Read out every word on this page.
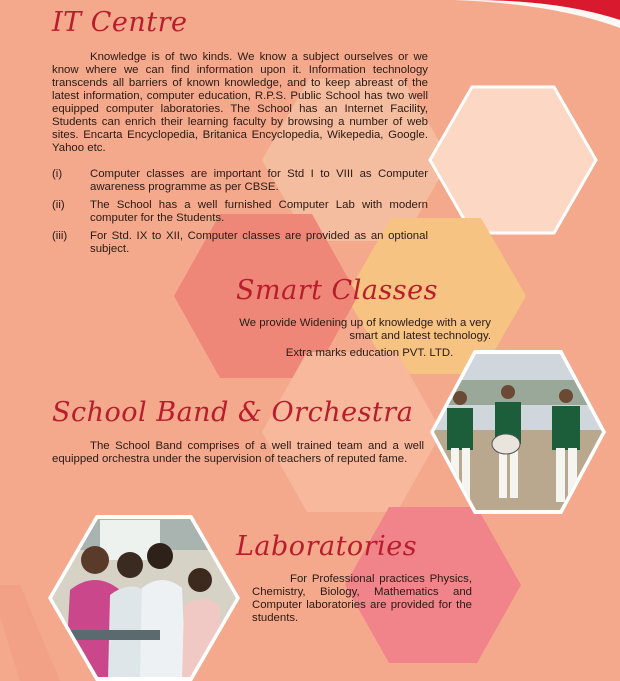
IT Centre

Knowledge is of two kinds. We know a subject ourselves or we know where we can find information upon it. Information technology transcends all barriers of known knowledge, and to keep abreast of the latest information, computer education, R.P.S. Public School has two well equipped computer laboratories. The School has an Internet Facility, Students can enrich their learning faculty by browsing a number of web sites. Encarta Encyclopedia, Britanica Encyclopedia, Wikepedia, Google. Yahoo etc.

(i) Computer classes are important for Std I to VIII as Computer awareness programme as per CBSE.
(ii) The School has a well furnished Computer Lab with modern computer for the Students.
(iii) For Std. IX to XII, Computer classes are provided as an optional subject.
Smart Classes

We provide Widening up of knowledge with a very smart and latest technology.

Extra marks education PVT. LTD.

School Band & Orchestra

The School Band comprises of a well trained team and a well equipped orchestra under the supervision of teachers of reputed fame.

Laboratories

For Professional practices Physics, Chemistry, Biology, Mathematics and Computer laboratories are provided for the students.
